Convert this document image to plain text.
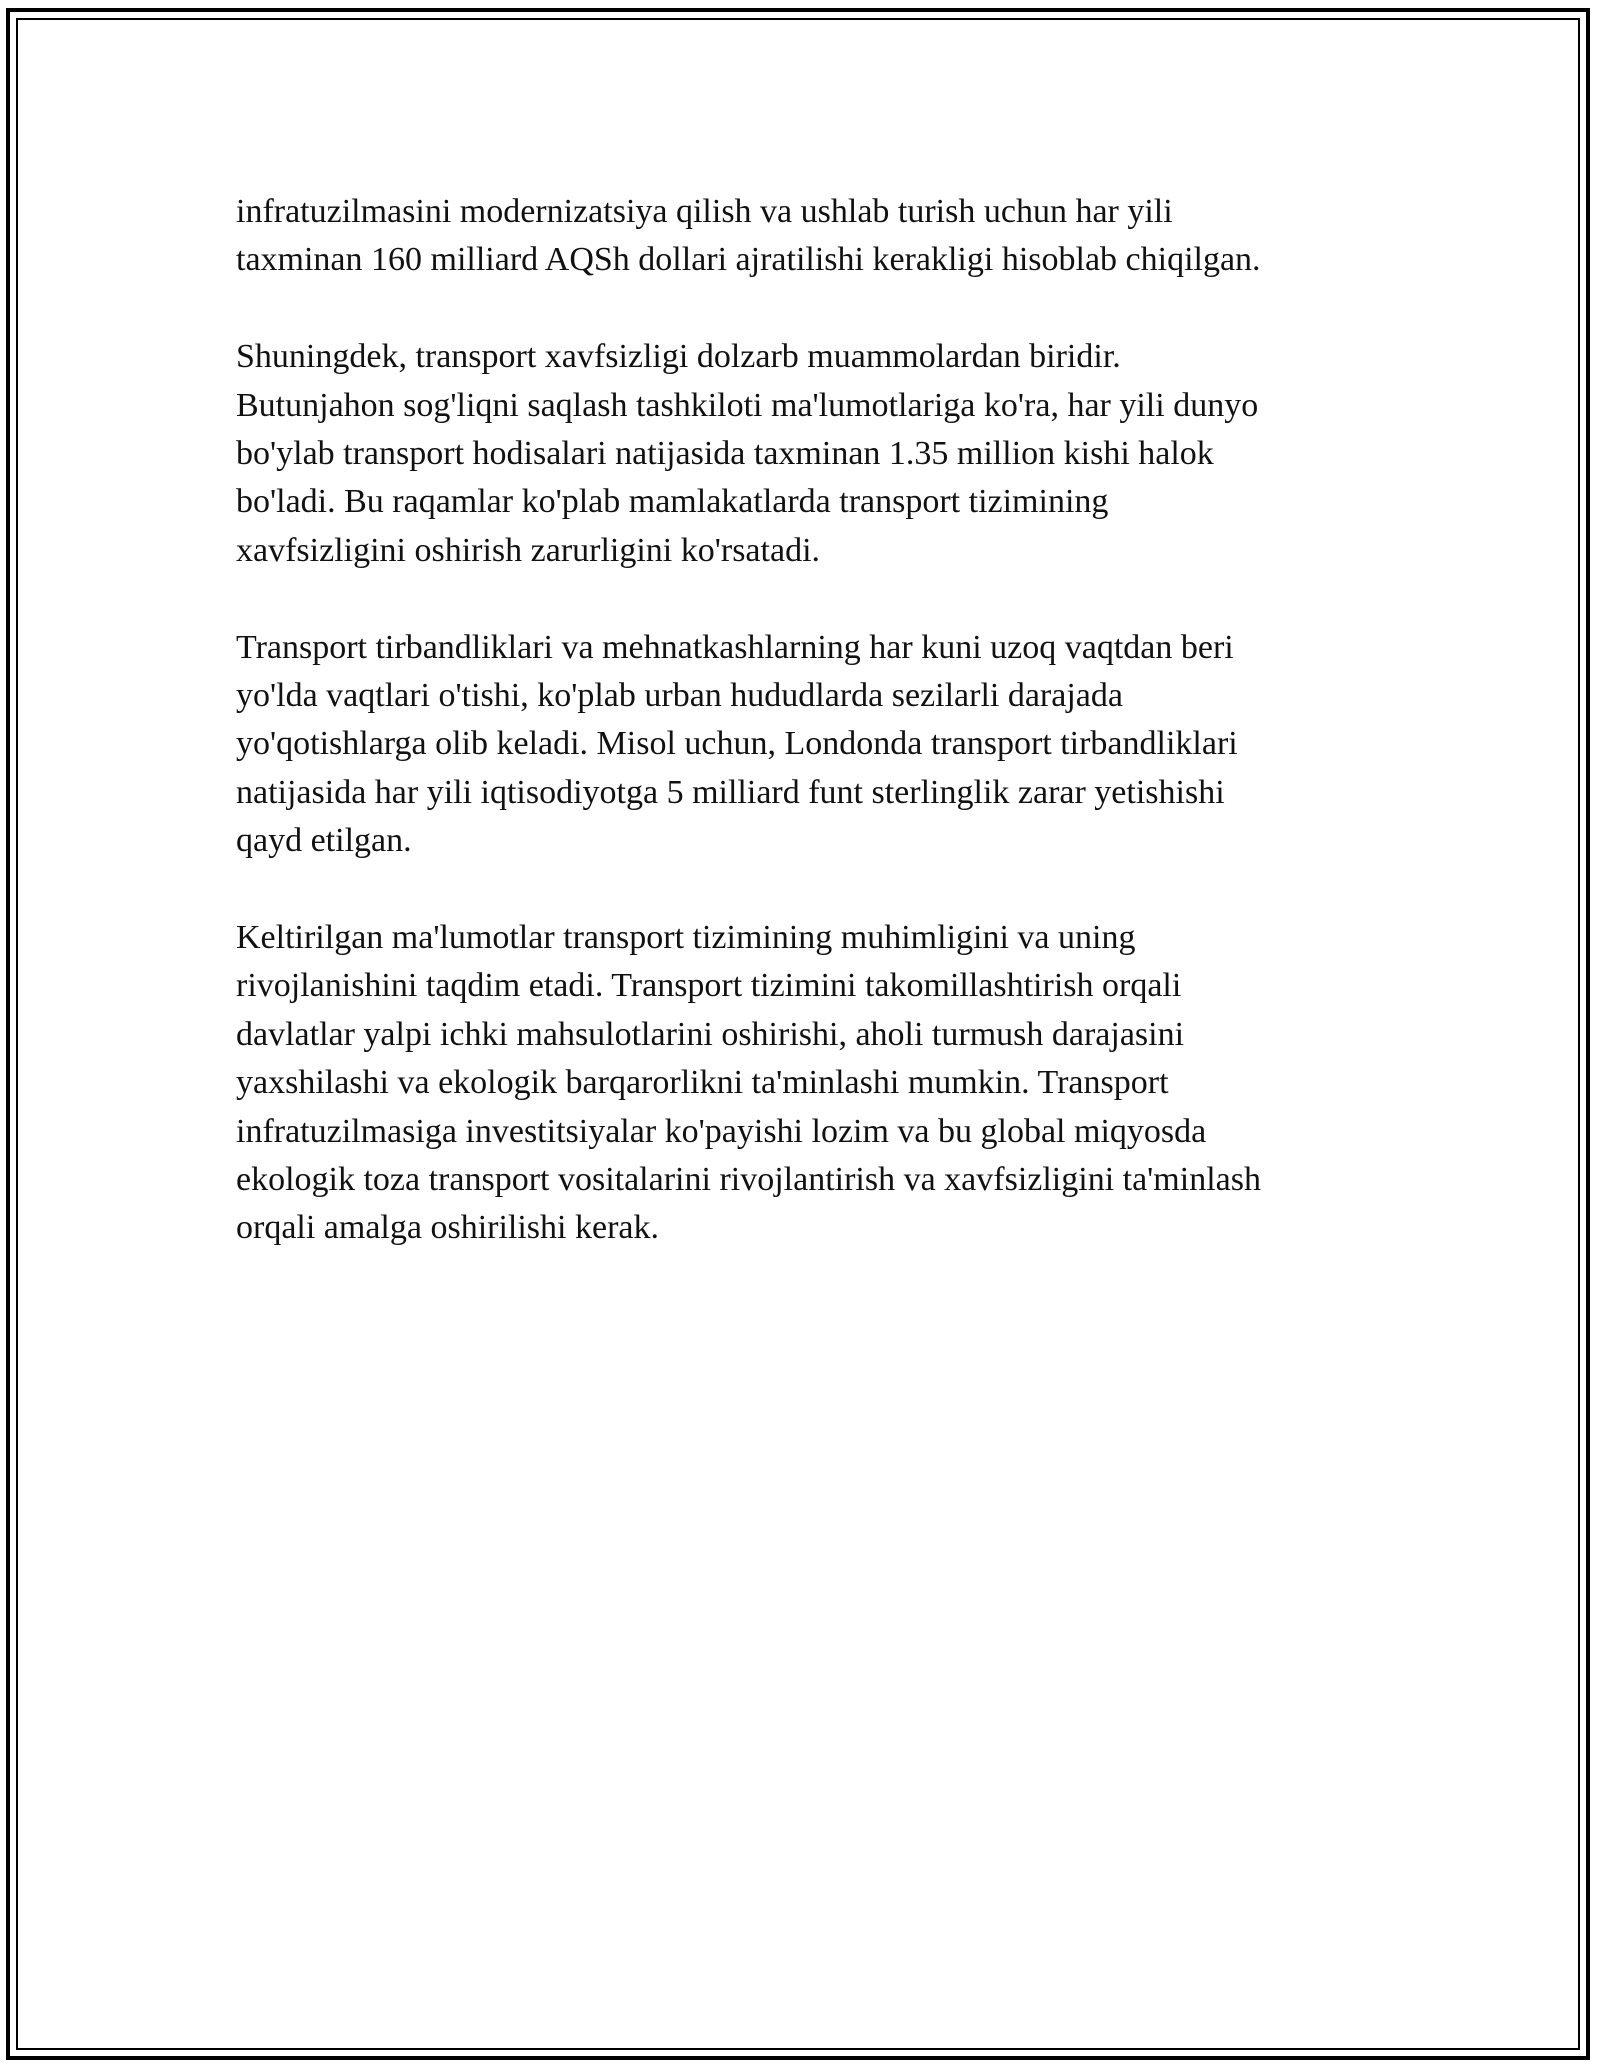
infratuzilmasini modernizatsiya qilish va ushlab turish uchun har yili
taxminan 160 milliard AQSh dollari ajratilishi kerakligi hisoblab chiqilgan.

Shuningdek, transport xavfsizligi dolzarb muammolardan biridir.
Butunjahon sog'liqni saqlash tashkiloti ma'lumotlariga ko'ra, har yili dunyo
bo'ylab transport hodisalari natijasida taxminan 1.35 million kishi halok
bo'ladi. Bu raqamlar ko'plab mamlakatlarda transport tizimining
xavfsizligini oshirish zarurligini ko'rsatadi.

Transport tirbandliklari va mehnatkashlarning har kuni uzoq vaqtdan beri
yo'lda vaqtlari o'tishi, ko'plab urban hududlarda sezilarli darajada
yo'qotishlarga olib keladi. Misol uchun, Londonda transport tirbandliklari
natijasida har yili iqtisodiyotga 5 milliard funt sterlinglik zarar yetishishi
qayd etilgan.

Keltirilgan ma'lumotlar transport tizimining muhimligini va uning
rivojlanishini taqdim etadi. Transport tizimini takomillashtirish orqali
davlatlar yalpi ichki mahsulotlarini oshirishi, aholi turmush darajasini
yaxshilashi va ekologik barqarorlikni ta'minlashi mumkin. Transport
infratuzilmasiga investitsiyalar ko'payishi lozim va bu global miqyosda
ekologik toza transport vositalarini rivojlantirish va xavfsizligini ta'minlash
orqali amalga oshirilishi kerak.
